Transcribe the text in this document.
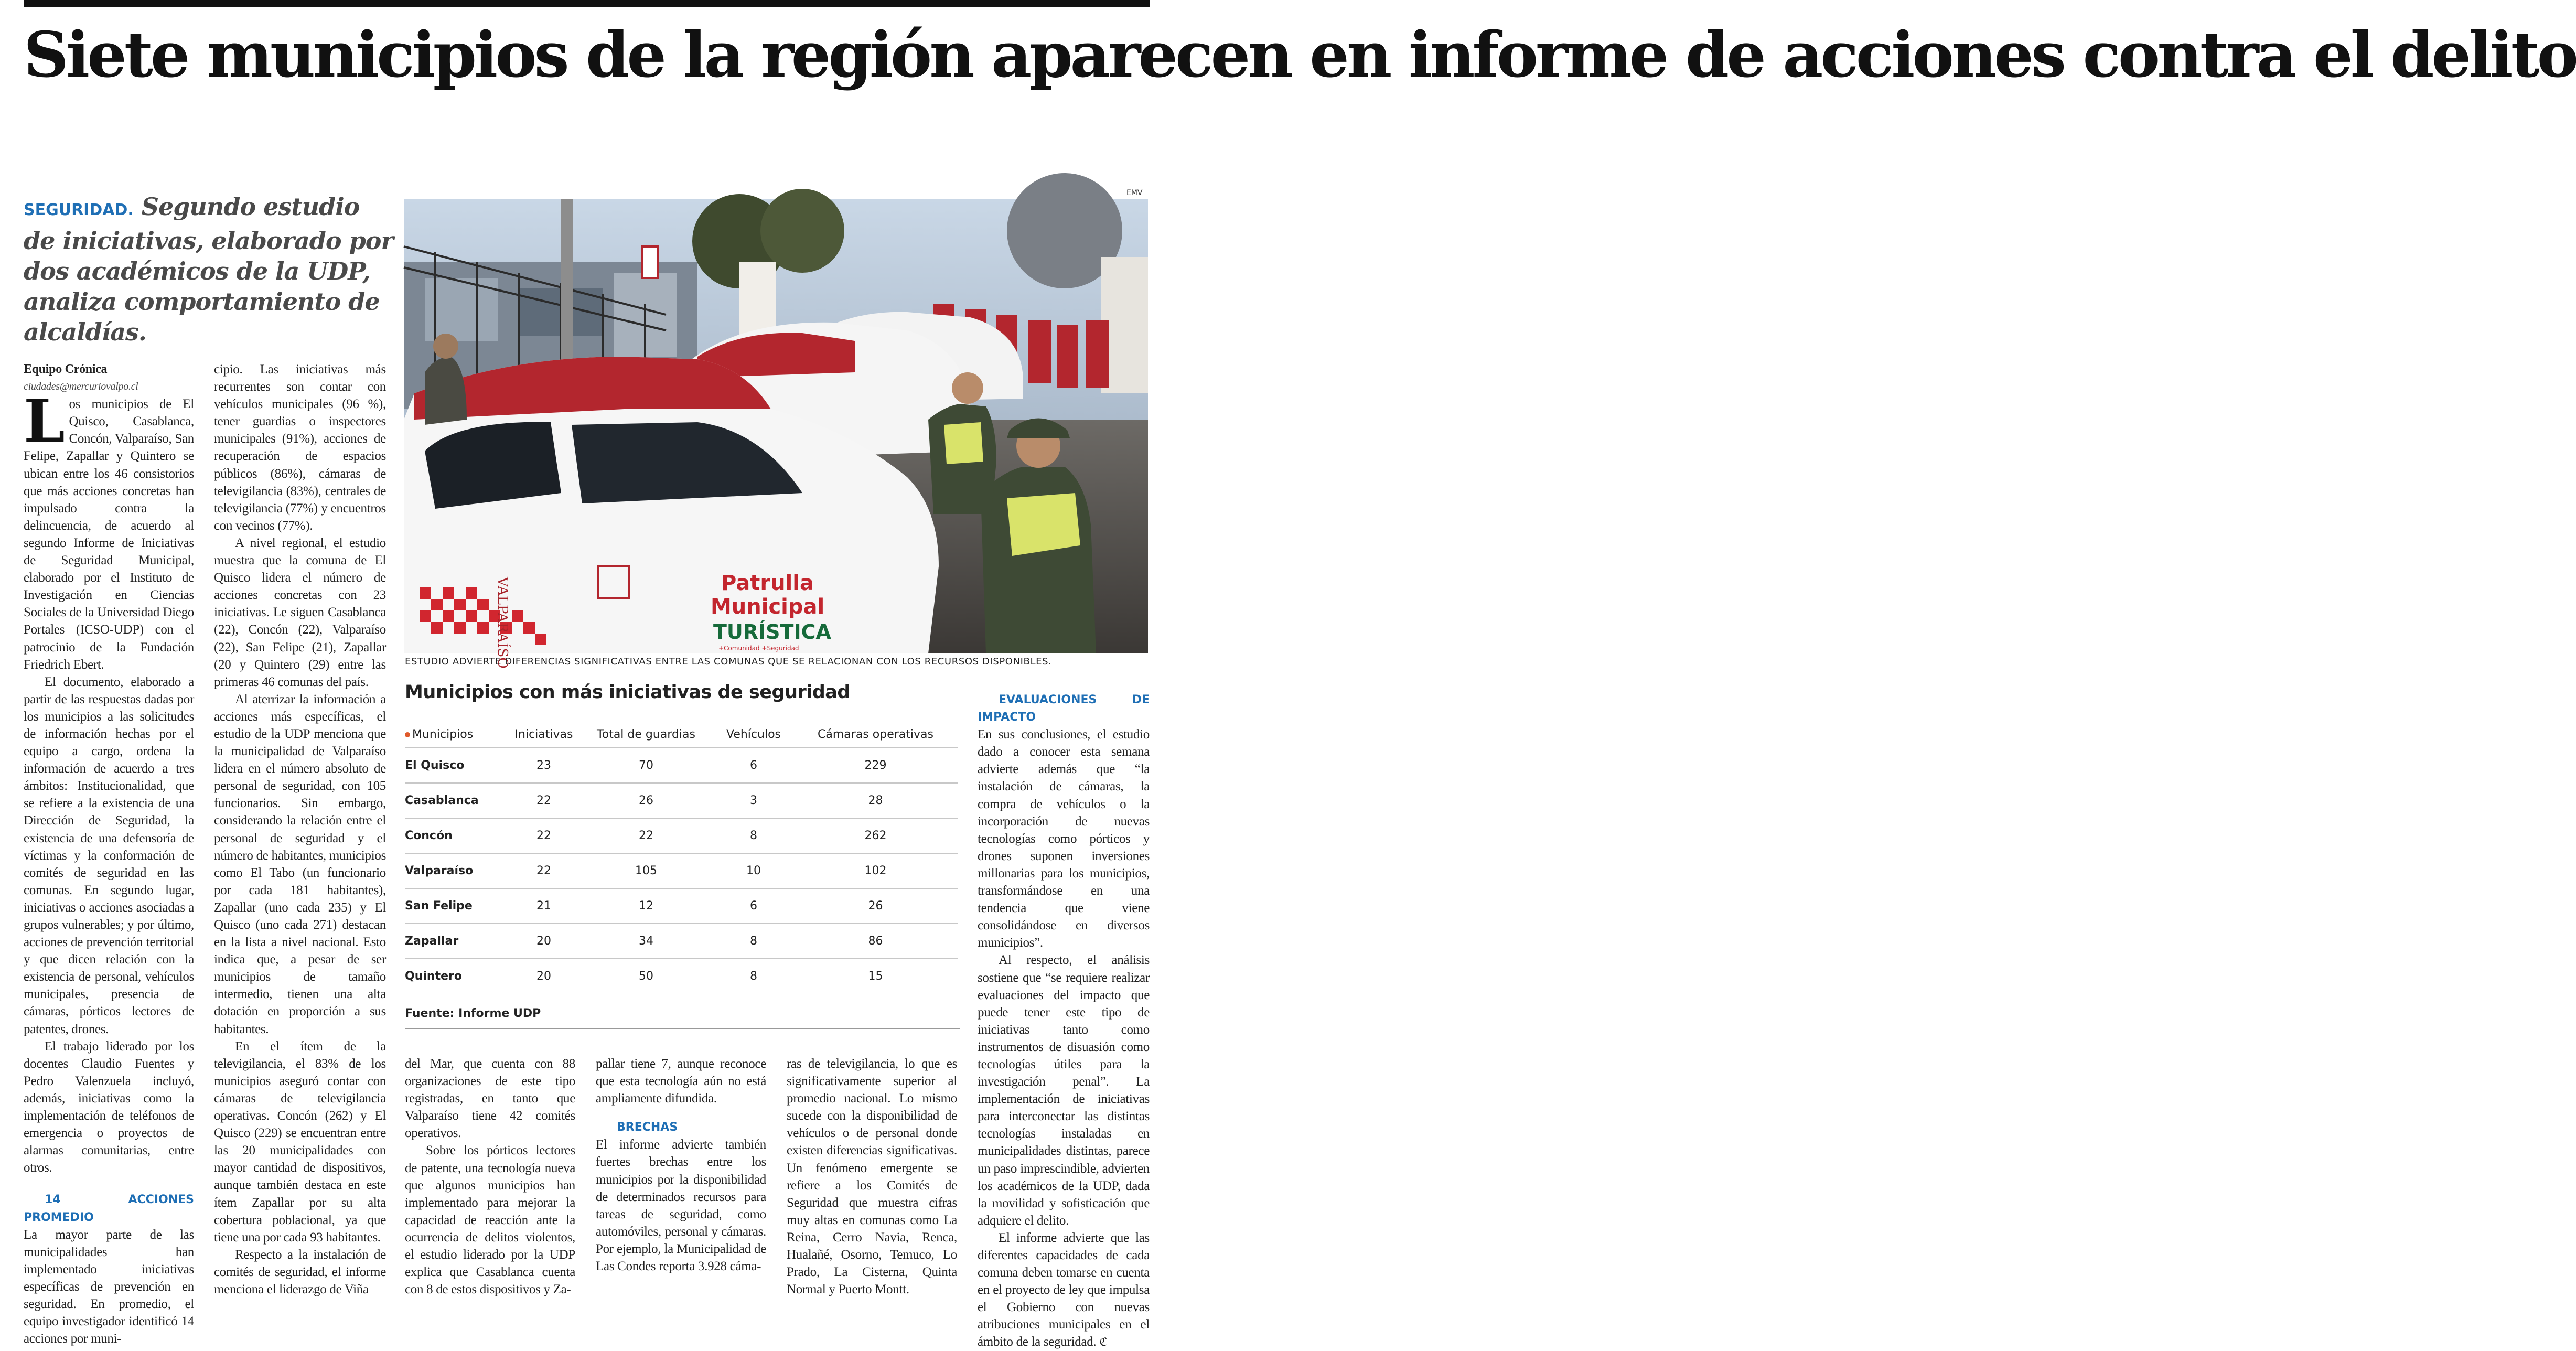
Siete municipios de la región aparecen en informe de acciones contra el delito

SEGURIDAD. Segundo estudio de iniciativas, elaborado por dos académicos de la UDP, analiza comportamiento de alcaldías.

Equipo Crónica

ciudades@mercuriovalpo.cl

Los municipios de El Quisco, Casablanca, Concón, Valparaíso, San Felipe, Zapallar y Quintero se ubican entre los 46 consistorios que más acciones concretas han impulsado contra la delincuencia, de acuerdo al segundo Informe de Iniciativas de Seguridad Municipal, elaborado por el Instituto de Investigación en Ciencias Sociales de la Universidad Diego Portales (ICSO-UDP) con el patrocinio de la Fundación Friedrich Ebert.

El documento, elaborado a partir de las respuestas dadas por los municipios a las solicitudes de información hechas por el equipo a cargo, ordena la información de acuerdo a tres ámbitos: Institucionalidad, que se refiere a la existencia de una Dirección de Seguridad, la existencia de una defensoría de víctimas y la conformación de comités de seguridad en las comunas. En segundo lugar, iniciativas o acciones asociadas a grupos vulnerables; y por último, acciones de prevención territorial y que dicen relación con la existencia de personal, vehículos municipales, presencia de cámaras, pórticos lectores de patentes, drones.

El trabajo liderado por los docentes Claudio Fuentes y Pedro Valenzuela incluyó, además, iniciativas como la implementación de teléfonos de emergencia o proyectos de alarmas comunitarias, entre otros.

14 ACCIONES PROMEDIO

La mayor parte de las municipalidades han implementado iniciativas específicas de prevención en seguridad. En promedio, el equipo investigador identificó 14 acciones por muni-

cipio. Las iniciativas más recurrentes son contar con vehículos municipales (96 %), tener guardias o inspectores municipales (91%), acciones de recuperación de espacios públicos (86%), cámaras de televigilancia (83%), centrales de televigilancia (77%) y encuentros con vecinos (77%).

A nivel regional, el estudio muestra que la comuna de El Quisco lidera el número de acciones concretas con 23 iniciativas. Le siguen Casablanca (22), Concón (22), Valparaíso (22), San Felipe (21), Zapallar (20 y Quintero (29) entre las primeras 46 comunas del país.

Al aterrizar la información a acciones más específicas, el estudio de la UDP menciona que la municipalidad de Valparaíso lidera en el número absoluto de personal de seguridad, con 105 funcionarios. Sin embargo, considerando la relación entre el personal de seguridad y el número de habitantes, municipios como El Tabo (un funcionario por cada 181 habitantes), Zapallar (uno cada 235) y El Quisco (uno cada 271) destacan en la lista a nivel nacional. Esto indica que, a pesar de ser municipios de tamaño intermedio, tienen una alta dotación en proporción a sus habitantes.

En el ítem de la televigilancia, el 83% de los municipios aseguró contar con cámaras de televigilancia operativas. Concón (262) y El Quisco (229) se encuentran entre las 20 municipalidades con mayor cantidad de dispositivos, aunque también destaca en este ítem Zapallar por su alta cobertura poblacional, ya que tiene una por cada 93 habitantes.

Respecto a la instalación de comités de seguridad, el informe menciona el liderazgo de Viña

EMV
VALPARAÍSO	Patrulla
Municipal
TURÍSTICA
+Comunidad +Seguridad
ESTUDIO ADVIERTE DIFERENCIAS SIGNIFICATIVAS ENTRE LAS COMUNAS QUE SE RELACIONAN CON LOS RECURSOS DISPONIBLES.

Municipios con más iniciativas de seguridad

Municipios	Iniciativas	Total de guardias	Vehículos	Cámaras operativas
El Quisco	23	70	6	229
Casablanca	22	26	3	28
Concón	22	22	8	262
Valparaíso	22	105	10	102
San Felipe	21	12	6	26
Zapallar	20	34	8	86
Quintero	20	50	8	15
Fuente: Informe UDP

del Mar, que cuenta con 88 organizaciones de este tipo registradas, en tanto que Valparaíso tiene 42 comités operativos.

Sobre los pórticos lectores de patente, una tecnología nueva que algunos municipios han implementado para mejorar la capacidad de reacción ante la ocurrencia de delitos violentos, el estudio liderado por la UDP explica que Casablanca cuenta con 8 de estos dispositivos y Za-

pallar tiene 7, aunque reconoce que esta tecnología aún no está ampliamente difundida.

BRECHAS

El informe advierte también fuertes brechas entre los municipios por la disponibilidad de determinados recursos para tareas de seguridad, como automóviles, personal y cámaras. Por ejemplo, la Municipalidad de Las Condes reporta 3.928 cáma-

ras de televigilancia, lo que es significativamente superior al promedio nacional. Lo mismo sucede con la disponibilidad de vehículos o de personal donde existen diferencias significativas. Un fenómeno emergente se refiere a los Comités de Seguridad que muestra cifras muy altas en comunas como La Reina, Cerro Navia, Renca, Hualañé, Osorno, Temuco, Lo Prado, La Cisterna, Quinta Normal y Puerto Montt.

EVALUACIONES DE IMPACTO

En sus conclusiones, el estudio dado a conocer esta semana advierte además que “la instalación de cámaras, la compra de vehículos o la incorporación de nuevas tecnologías como pórticos y drones suponen inversiones millonarias para los municipios, transformándose en una tendencia que viene consolidándose en diversos municipios”.

Al respecto, el análisis sostiene que “se requiere realizar evaluaciones del impacto que puede tener este tipo de iniciativas tanto como instrumentos de disuasión como tecnologías útiles para la investigación penal”. La implementación de iniciativas para interconectar las distintas tecnologías instaladas en municipalidades distintas, parece un paso imprescindible, advierten los académicos de la UDP, dada la movilidad y sofisticación que adquiere el delito.

El informe advierte que las diferentes capacidades de cada comuna deben tomarse en cuenta en el proyecto de ley que impulsa el Gobierno con nuevas atribuciones municipales en el ámbito de la seguridad. ℭ
